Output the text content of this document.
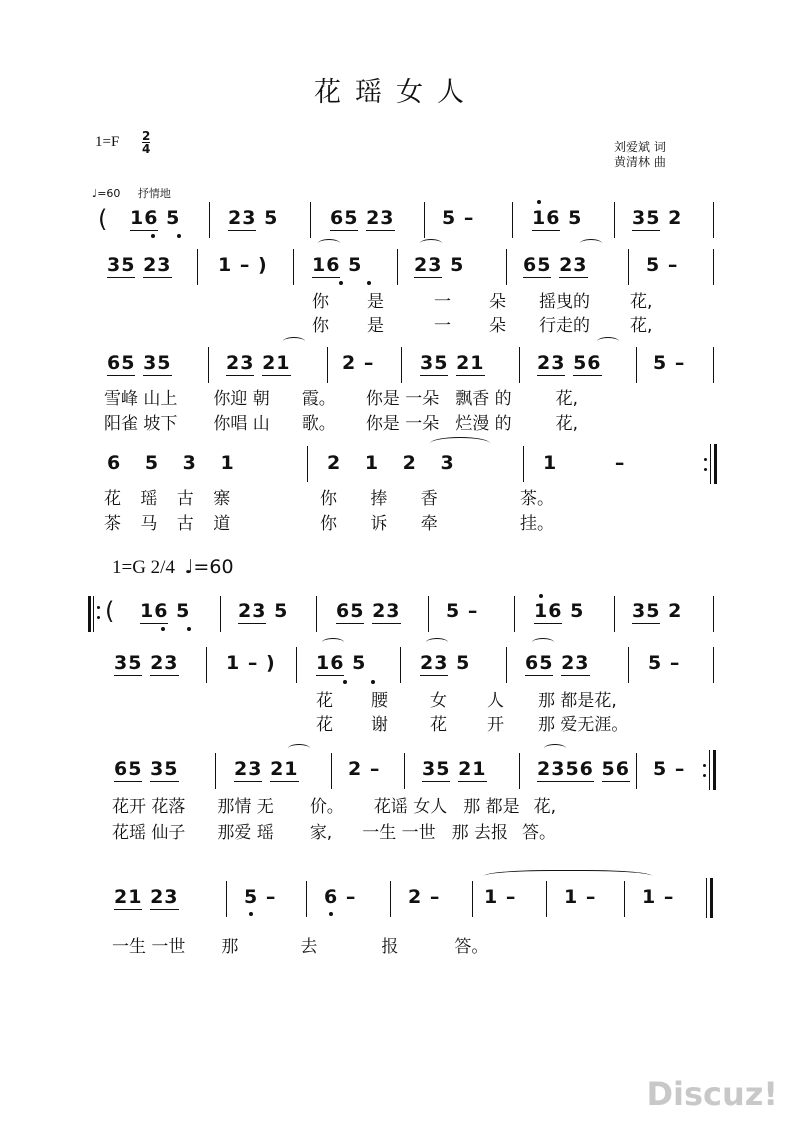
花瑶女人
$1=F \frac{2}{4}$	刘爱斌 词
黄清林 曲
♩=60 抒情地
1=G 2/4 ♩=60
( 16 5	23 5	65 23 5 –	16 5	35 2
35 23 1 – ) 16 5	23 5	65 23	5 –
你 是	一 朵 摇曳的 花,
你 是	一 朵 行走的 花,
65 35	23 21	2 – 35 21	23 56	5 –
雪峰 山上 你迎 朝 霞。 你是 一朵 飘香 的	花,
阳雀 坡下 你唱 山 歌。 你是 一朵 烂漫 的	花,
6 5 3 1	2 1 2 3	1 –
花 瑶 古 寨	你 捧 香	茶。
茶 马 古 道	你 诉 牵	挂。
( 16 5	23 5	65 23 5 –	16 5	35 2
35 23 1 – ) 16 5	23 5	65 23	5 –
花 腰 女 人 那 都是花,
花 谢 花 开 那 爱无涯。
65 35	23 21	2 – 35 21	2356 56 5 –
花开 花落 那情 无 价。 花谣 女人 那 都是 花,
花瑶 仙子 那爱 瑶 家, 一生 一世 那 去报 答。
21 23	5 –	6 –	2 – 1 –	1 – 1 –
一生 一世 那	去	报	答。
Discuz!
